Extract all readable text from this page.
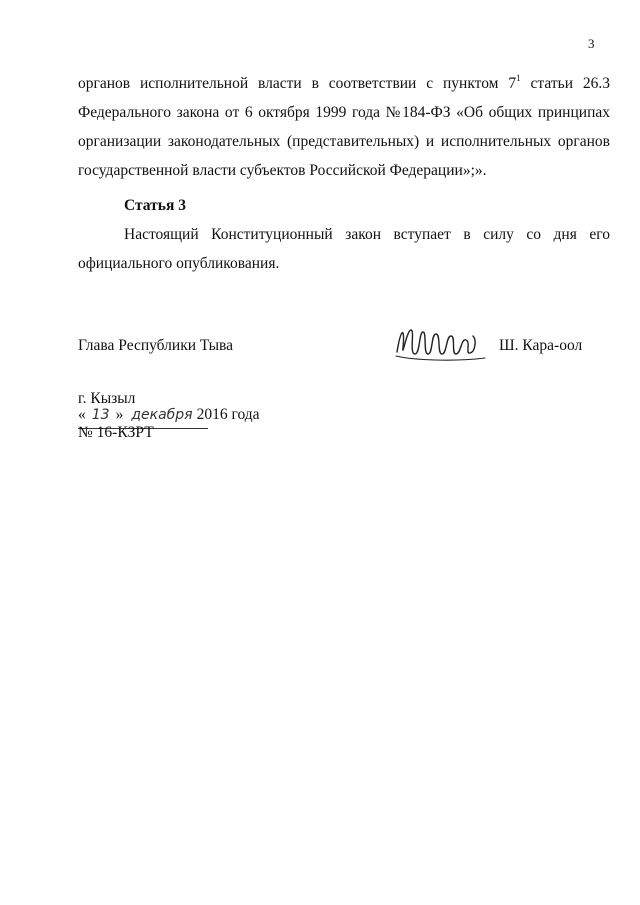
3
органов исполнительной власти в соответствии с пунктом $7^1$ статьи 26.3
Федерального закона от 6 октября 1999 года №184-ФЗ «Об общих принципах
организации законодательных (представительных) и исполнительных органов
государственной власти субъектов Российской Федерации»;».
Статья 3
Настоящий Конституционный закон вступает в силу со дня его
официального опубликования.
Глава Республики Тыва	Ш. Кара-оол
г. Кызыл
« 13 » декабря 2016 года
№ 16-КЗРТ
